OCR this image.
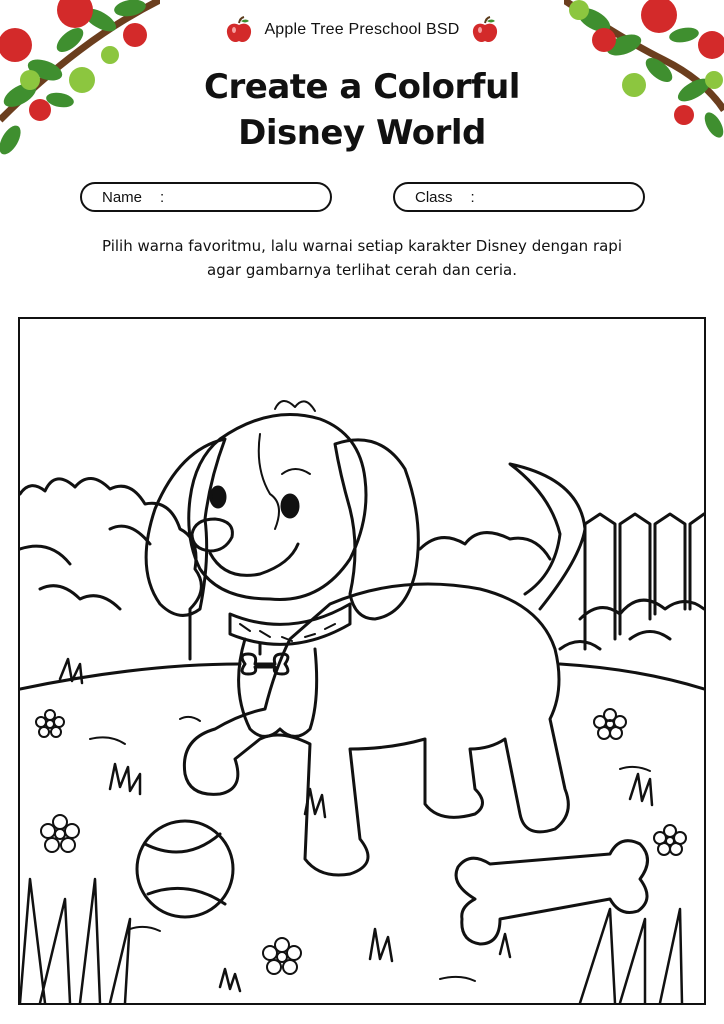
Apple Tree Preschool BSD
Create a Colorful
Disney World
Name :	Class :

Pilih warna favoritmu, lalu warnai setiap karakter Disney dengan rapi
agar gambarnya terlihat cerah dan ceria.
